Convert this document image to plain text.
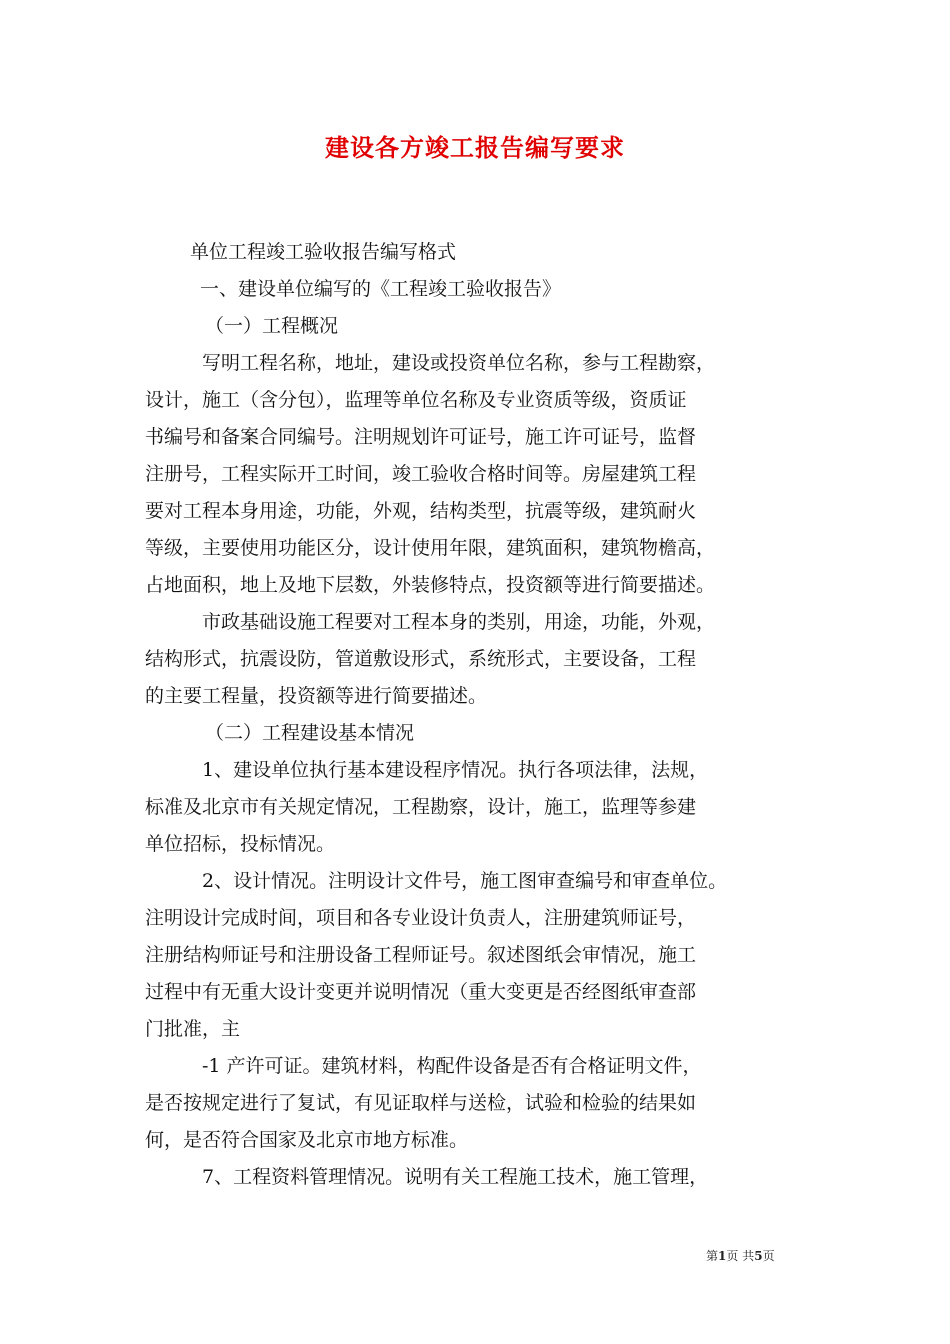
建设各方竣工报告编写要求
单位工程竣工验收报告编写格式
一、建设单位编写的《工程竣工验收报告》
（一）工程概况
写明工程名称，地址，建设或投资单位名称，参与工程勘察，
设计，施工（含分包），监理等单位名称及专业资质等级，资质证
书编号和备案合同编号。注明规划许可证号，施工许可证号，监督
注册号，工程实际开工时间，竣工验收合格时间等。房屋建筑工程
要对工程本身用途，功能，外观，结构类型，抗震等级，建筑耐火
等级，主要使用功能区分，设计使用年限，建筑面积，建筑物檐高，
占地面积，地上及地下层数，外装修特点，投资额等进行简要描述。
市政基础设施工程要对工程本身的类别，用途，功能，外观，
结构形式，抗震设防，管道敷设形式，系统形式，主要设备，工程
的主要工程量，投资额等进行简要描述。
（二）工程建设基本情况
1、建设单位执行基本建设程序情况。执行各项法律，法规，
标准及北京市有关规定情况，工程勘察，设计，施工，监理等参建
单位招标，投标情况。
2、设计情况。注明设计文件号，施工图审查编号和审查单位。
注明设计完成时间，项目和各专业设计负责人，注册建筑师证号，
注册结构师证号和注册设备工程师证号。叙述图纸会审情况，施工
过程中有无重大设计变更并说明情况（重大变更是否经图纸审查部
门批准，主
-1 产许可证。建筑材料，构配件设备是否有合格证明文件，
是否按规定进行了复试，有见证取样与送检，试验和检验的结果如
何，是否符合国家及北京市地方标准。
7、工程资料管理情况。说明有关工程施工技术，施工管理，
第1页 共5页
